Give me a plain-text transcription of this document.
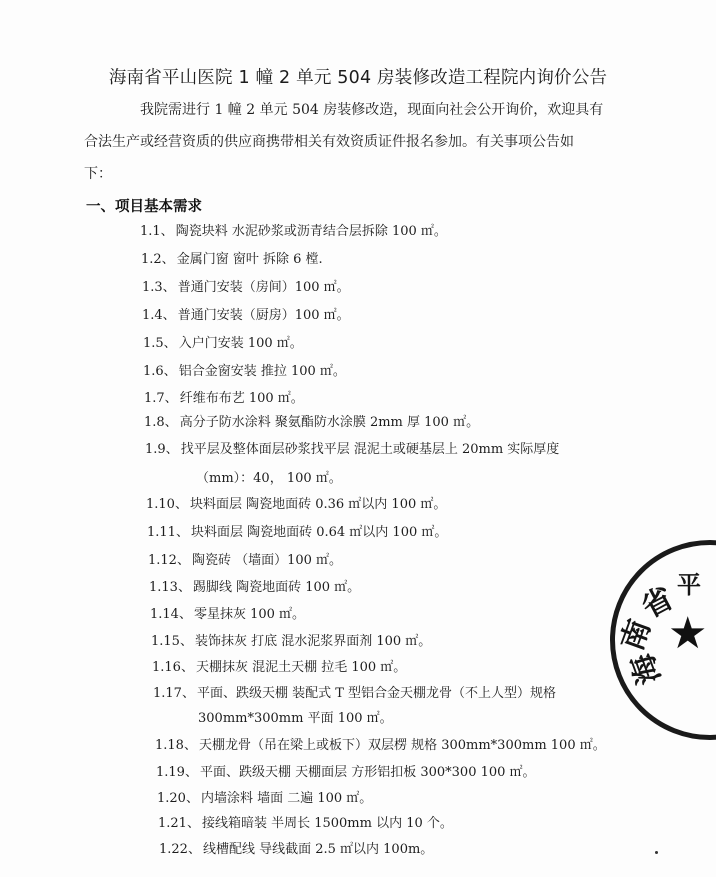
海南省平山医院 1 幢 2 单元 504 房装修改造工程院内询价公告
我院需进行 1 幢 2 单元 504 房装修改造，现面向社会公开询价，欢迎具有
合法生产或经营资质的供应商携带相关有效资质证件报名参加。有关事项公告如
下：
一、项目基本需求
1.1、 陶瓷块料 水泥砂浆或沥青结合层拆除 100 ㎡。
1.2、 金属门窗 窗叶 拆除 6 樘.
1.3、 普通门安装（房间）100 ㎡。
1.4、 普通门安装（厨房）100 ㎡。
1.5、 入户门安装 100 ㎡。
1.6、 铝合金窗安装 推拉 100 ㎡。
1.7、 纤维布布艺 100 ㎡。
1.8、 高分子防水涂料 聚氨酯防水涂膜 2mm 厚 100 ㎡。
1.9、 找平层及整体面层砂浆找平层 混泥土或硬基层上 20mm 实际厚度
（mm）：40， 100 ㎡。
1.10、 块料面层 陶瓷地面砖 0.36 ㎡以内 100 ㎡。
1.11、 块料面层 陶瓷地面砖 0.64 ㎡以内 100 ㎡。
1.12、 陶瓷砖 （墙面）100 ㎡。
1.13、 踢脚线 陶瓷地面砖 100 ㎡。
1.14、 零星抹灰 100 ㎡。
1.15、 装饰抹灰 打底 混水泥浆界面剂 100 ㎡。
1.16、 天棚抹灰 混泥土天棚 拉毛 100 ㎡。
1.17、 平面、跌级天棚 装配式 T 型铝合金天棚龙骨（不上人型）规格
300mm*300mm 平面 100 ㎡。
1.18、 天棚龙骨（吊在梁上或板下）双层楞 规格 300mm*300mm 100 ㎡。
1.19、 平面、跌级天棚 天棚面层 方形铝扣板 300*300 100 ㎡。
1.20、 内墙涂料 墙面 二遍 100 ㎡。
1.21、 接线箱暗装 半周长 1500mm 以内 10 个。
1.22、 线槽配线 导线截面 2.5 ㎡以内 100m。
省
平
南
海
★
